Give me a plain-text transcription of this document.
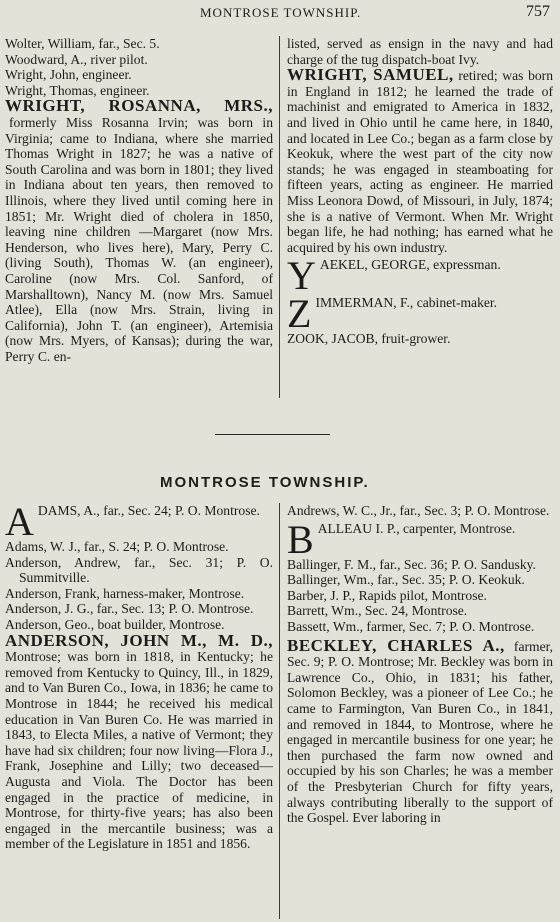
MONTROSE TOWNSHIP.	757
Wolter, William, far., Sec. 5.
Woodward, A., river pilot.
Wright, John, engineer.
Wright, Thomas, engineer.
WRIGHT, ROSANNA, MRS., formerly Miss Rosanna Irvin; was born in Virginia; came to Indiana, where she married Thomas Wright in 1827; he was a native of South Carolina and was born in 1801; they lived in Indiana about ten years, then removed to Illinois, where they lived until coming here in 1851; Mr. Wright died of cholera in 1850, leaving nine children —Margaret (now Mrs. Henderson, who lives here), Mary, Perry C. (living South), Thomas W. (an engineer), Caroline (now Mrs. Col. Sanford, of Marshalltown), Nancy M. (now Mrs. Samuel Atlee), Ella (now Mrs. Strain, living in California), John T. (an engineer), Artemisia (now Mrs. Myers, of Kansas); during the war, Perry C. en-
listed, served as ensign in the navy and had charge of the tug dispatch-boat Ivy.
WRIGHT, SAMUEL, retired; was born in England in 1812; he learned the trade of machinist and emigrated to America in 1832, and lived in Ohio until he came here, in 1840, and located in Lee Co.; began as a farm close by Keokuk, where the west part of the city now stands; he was engaged in steamboating for fifteen years, acting as engineer. He married Miss Leonora Dowd, of Missouri, in July, 1874; she is a native of Vermont. When Mr. Wright began life, he had nothing; has earned what he acquired by his own industry.
Y AEKEL, GEORGE, expressman.
Z IMMERMAN, F., cabinet-maker.
ZOOK, JACOB, fruit-grower.
MONTROSE TOWNSHIP.
A DAMS, A., far., Sec. 24; P. O. Montrose.
Adams, W. J., far., S. 24; P. O. Montrose.
Anderson, Andrew, far., Sec. 31; P. O. Summitville.
Anderson, Frank, harness-maker, Montrose.
Anderson, J. G., far., Sec. 13; P. O. Montrose.
Anderson, Geo., boat builder, Montrose.
ANDERSON, JOHN M., M. D., Montrose; was born in 1818, in Kentucky; he removed from Kentucky to Quincy, Ill., in 1829, and to Van Buren Co., Iowa, in 1836; he came to Montrose in 1844; he received his medical education in Van Buren Co. He was married in 1843, to Electa Miles, a native of Vermont; they have had six children; four now living—Flora J., Frank, Josephine and Lilly; two deceased—Augusta and Viola. The Doctor has been engaged in the practice of medicine, in Montrose, for thirty-five years; has also been engaged in the mercantile business; was a member of the Legislature in 1851 and 1856.
Andrews, W. C., Jr., far., Sec. 3; P. O. Montrose.
B ALLEAU I. P., carpenter, Montrose.
Ballinger, F. M., far., Sec. 36; P. O. Sandusky.
Ballinger, Wm., far., Sec. 35; P. O. Keokuk.
Barber, J. P., Rapids pilot, Montrose.
Barrett, Wm., Sec. 24, Montrose.
Bassett, Wm., farmer, Sec. 7; P. O. Montrose.
BECKLEY, CHARLES A., farmer, Sec. 9; P. O. Montrose; Mr. Beckley was born in Lawrence Co., Ohio, in 1831; his father, Solomon Beckley, was a pioneer of Lee Co.; he came to Farmington, Van Buren Co., in 1841, and removed in 1844, to Montrose, where he engaged in mercantile business for one year; he then purchased the farm now owned and occupied by his son Charles; he was a member of the Presbyterian Church for fifty years, always contributing liberally to the support of the Gospel. Ever laboring in
